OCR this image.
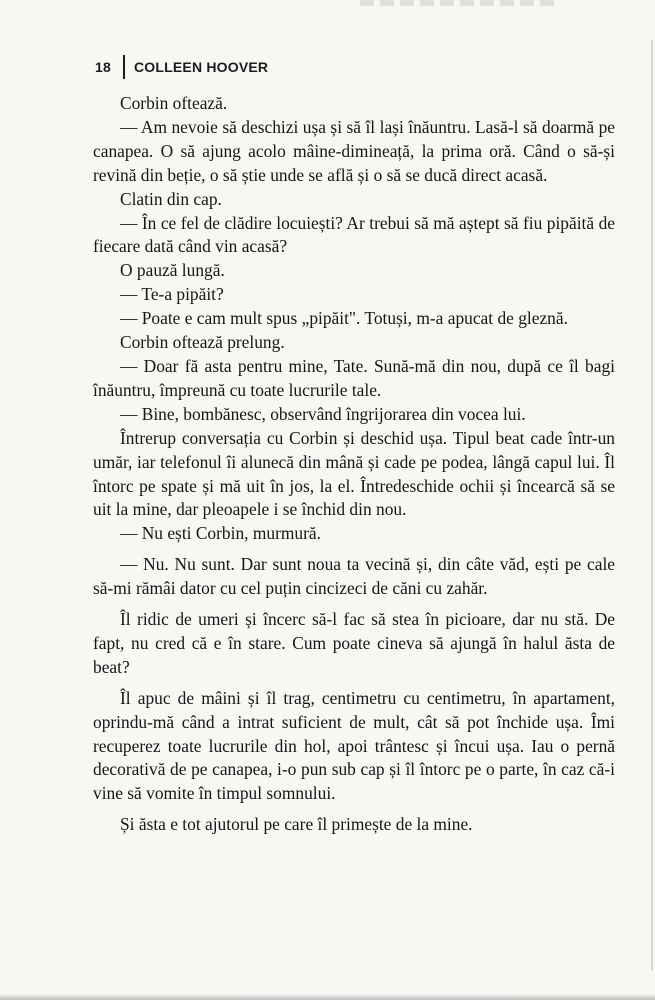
18 COLLEEN HOOVER

Corbin oftează.

— Am nevoie să deschizi ușa și să îl lași înăuntru. Lasă-l să doarmă pe canapea. O să ajung acolo mâine-dimineață, la prima oră. Când o să-și revină din beție, o să știe unde se află și o să se ducă direct acasă.

Clatin din cap.

— În ce fel de clădire locuiești? Ar trebui să mă aștept să fiu pipăită de fiecare dată când vin acasă?

O pauză lungă.

— Te-a pipăit?

— Poate e cam mult spus „pipăit". Totuși, m-a apucat de gleznă.

Corbin oftează prelung.

— Doar fă asta pentru mine, Tate. Sună-mă din nou, după ce îl bagi înăuntru, împreună cu toate lucrurile tale.

— Bine, bombănesc, observând îngrijorarea din vocea lui.

Întrerup conversația cu Corbin și deschid ușa. Tipul beat cade într-un umăr, iar telefonul îi alunecă din mână și cade pe podea, lângă capul lui. Îl întorc pe spate și mă uit în jos, la el. Întredeschide ochii și încearcă să se uit la mine, dar pleoapele i se închid din nou.

— Nu ești Corbin, murmură.

— Nu. Nu sunt. Dar sunt noua ta vecină și, din câte văd, ești pe cale să-mi rămâi dator cu cel puțin cincizeci de căni cu zahăr.

Îl ridic de umeri și încerc să-l fac să stea în picioare, dar nu stă. De fapt, nu cred că e în stare. Cum poate cineva să ajungă în halul ăsta de beat?

Îl apuc de mâini și îl trag, centimetru cu centimetru, în apartament, oprindu-mă când a intrat suficient de mult, cât să pot închide ușa. Îmi recuperez toate lucrurile din hol, apoi trântesc și încui ușa. Iau o pernă decorativă de pe canapea, i-o pun sub cap și îl întorc pe o parte, în caz că-i vine să vomite în timpul somnului.

Și ăsta e tot ajutorul pe care îl primește de la mine.
